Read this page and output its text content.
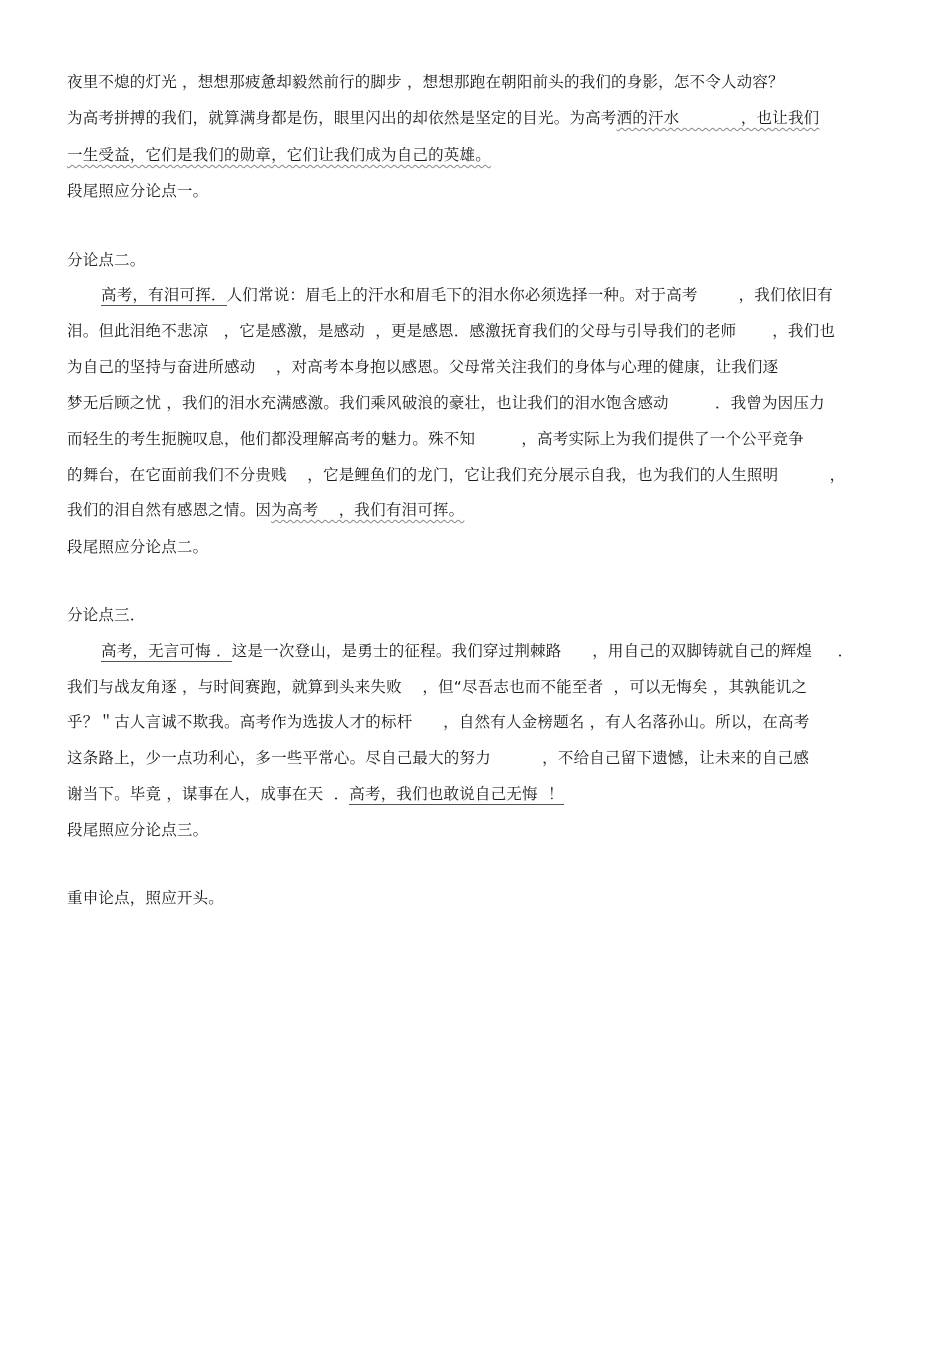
夜里不熄的灯光 ，想想那疲惫却毅然前行的脚步 ，想想那跑在朝阳前头的我们的身影，怎不令人动容？
为高考拼搏的我们，就算满身都是伤，眼里闪出的却依然是坚定的目光。为高考洒的汗水            ，也让我们
一生受益，它们是我们的勋章，它们让我们成为自己的英雄。
段尾照应分论点一。
分论点二。
高考，有泪可挥．人们常说：眉毛上的汗水和眉毛下的泪水你必须选择一种。对于高考        ，我们依旧有
泪。但此泪绝不悲凉   ，它是感激，是感动  ，更是感恩．感激抚育我们的父母与引导我们的老师       ，我们也
为自己的坚持与奋进所感动    ，对高考本身抱以感恩。父母常关注我们的身体与心理的健康，让我们逐
梦无后顾之忧 ，我们的泪水充满感激。我们乘风破浪的豪壮，也让我们的泪水饱含感动         ．我曾为因压力
而轻生的考生扼腕叹息，他们都没理解高考的魅力。殊不知         ，高考实际上为我们提供了一个公平竞争
的舞台，在它面前我们不分贵贱    ，它是鲤鱼们的龙门，它让我们充分展示自我，也为我们的人生照明          ，
我们的泪自然有感恩之情。因为高考    ，我们有泪可挥。
段尾照应分论点二。
分论点三．
高考，无言可悔 ．这是一次登山，是勇士的征程。我们穿过荆棘路      ，用自己的双脚铸就自己的辉煌     ．
我们与战友角逐 ，与时间赛跑，就算到头来失败    ，但“尽吾志也而不能至者  ，可以无悔矣 ，其孰能讥之
乎？＂古人言诚不欺我。高考作为选拔人才的标杆      ，自然有人金榜题名 ，有人名落孙山。所以，在高考
这条路上，少一点功利心，多一些平常心。尽自己最大的努力          ，不给自己留下遗憾，让未来的自己感
谢当下。毕竟 ，谋事在人，成事在天  ．高考，我们也敢说自己无悔  ！
段尾照应分论点三。
重申论点，照应开头。
